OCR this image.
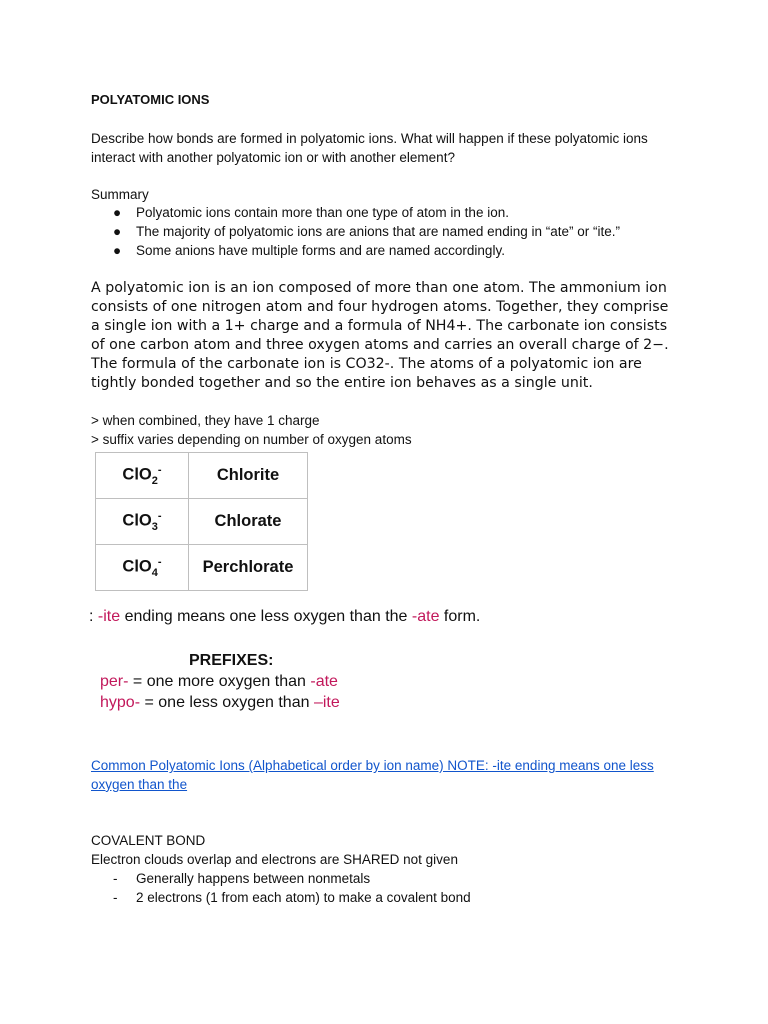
POLYATOMIC IONS
Describe how bonds are formed in polyatomic ions. What will happen if these polyatomic ions interact with another polyatomic ion or with another element?
Summary
● Polyatomic ions contain more than one type of atom in the ion.
● The majority of polyatomic ions are anions that are named ending in “ate” or “ite.”
● Some anions have multiple forms and are named accordingly.
A polyatomic ion is an ion composed of more than one atom. The ammonium ion consists of one nitrogen atom and four hydrogen atoms. Together, they comprise a single ion with a 1+ charge and a formula of NH4+. The carbonate ion consists of one carbon atom and three oxygen atoms and carries an overall charge of 2−. The formula of the carbonate ion is CO32-. The atoms of a polyatomic ion are tightly bonded together and so the entire ion behaves as a single unit.
> when combined, they have 1 charge
> suffix varies depending on number of oxygen atoms
ClO$_2$-	Chlorite
ClO$_3$-	Chlorate
ClO$_4$-	Perchlorate
: -ite ending means one less oxygen than the -ate form.
PREFIXES:
per- = one more oxygen than -ate
hypo- = one less oxygen than –ite
Common Polyatomic Ions (Alphabetical order by ion name) NOTE: -ite ending means one less oxygen than the
COVALENT BOND
Electron clouds overlap and electrons are SHARED not given
- Generally happens between nonmetals
- 2 electrons (1 from each atom) to make a covalent bond
